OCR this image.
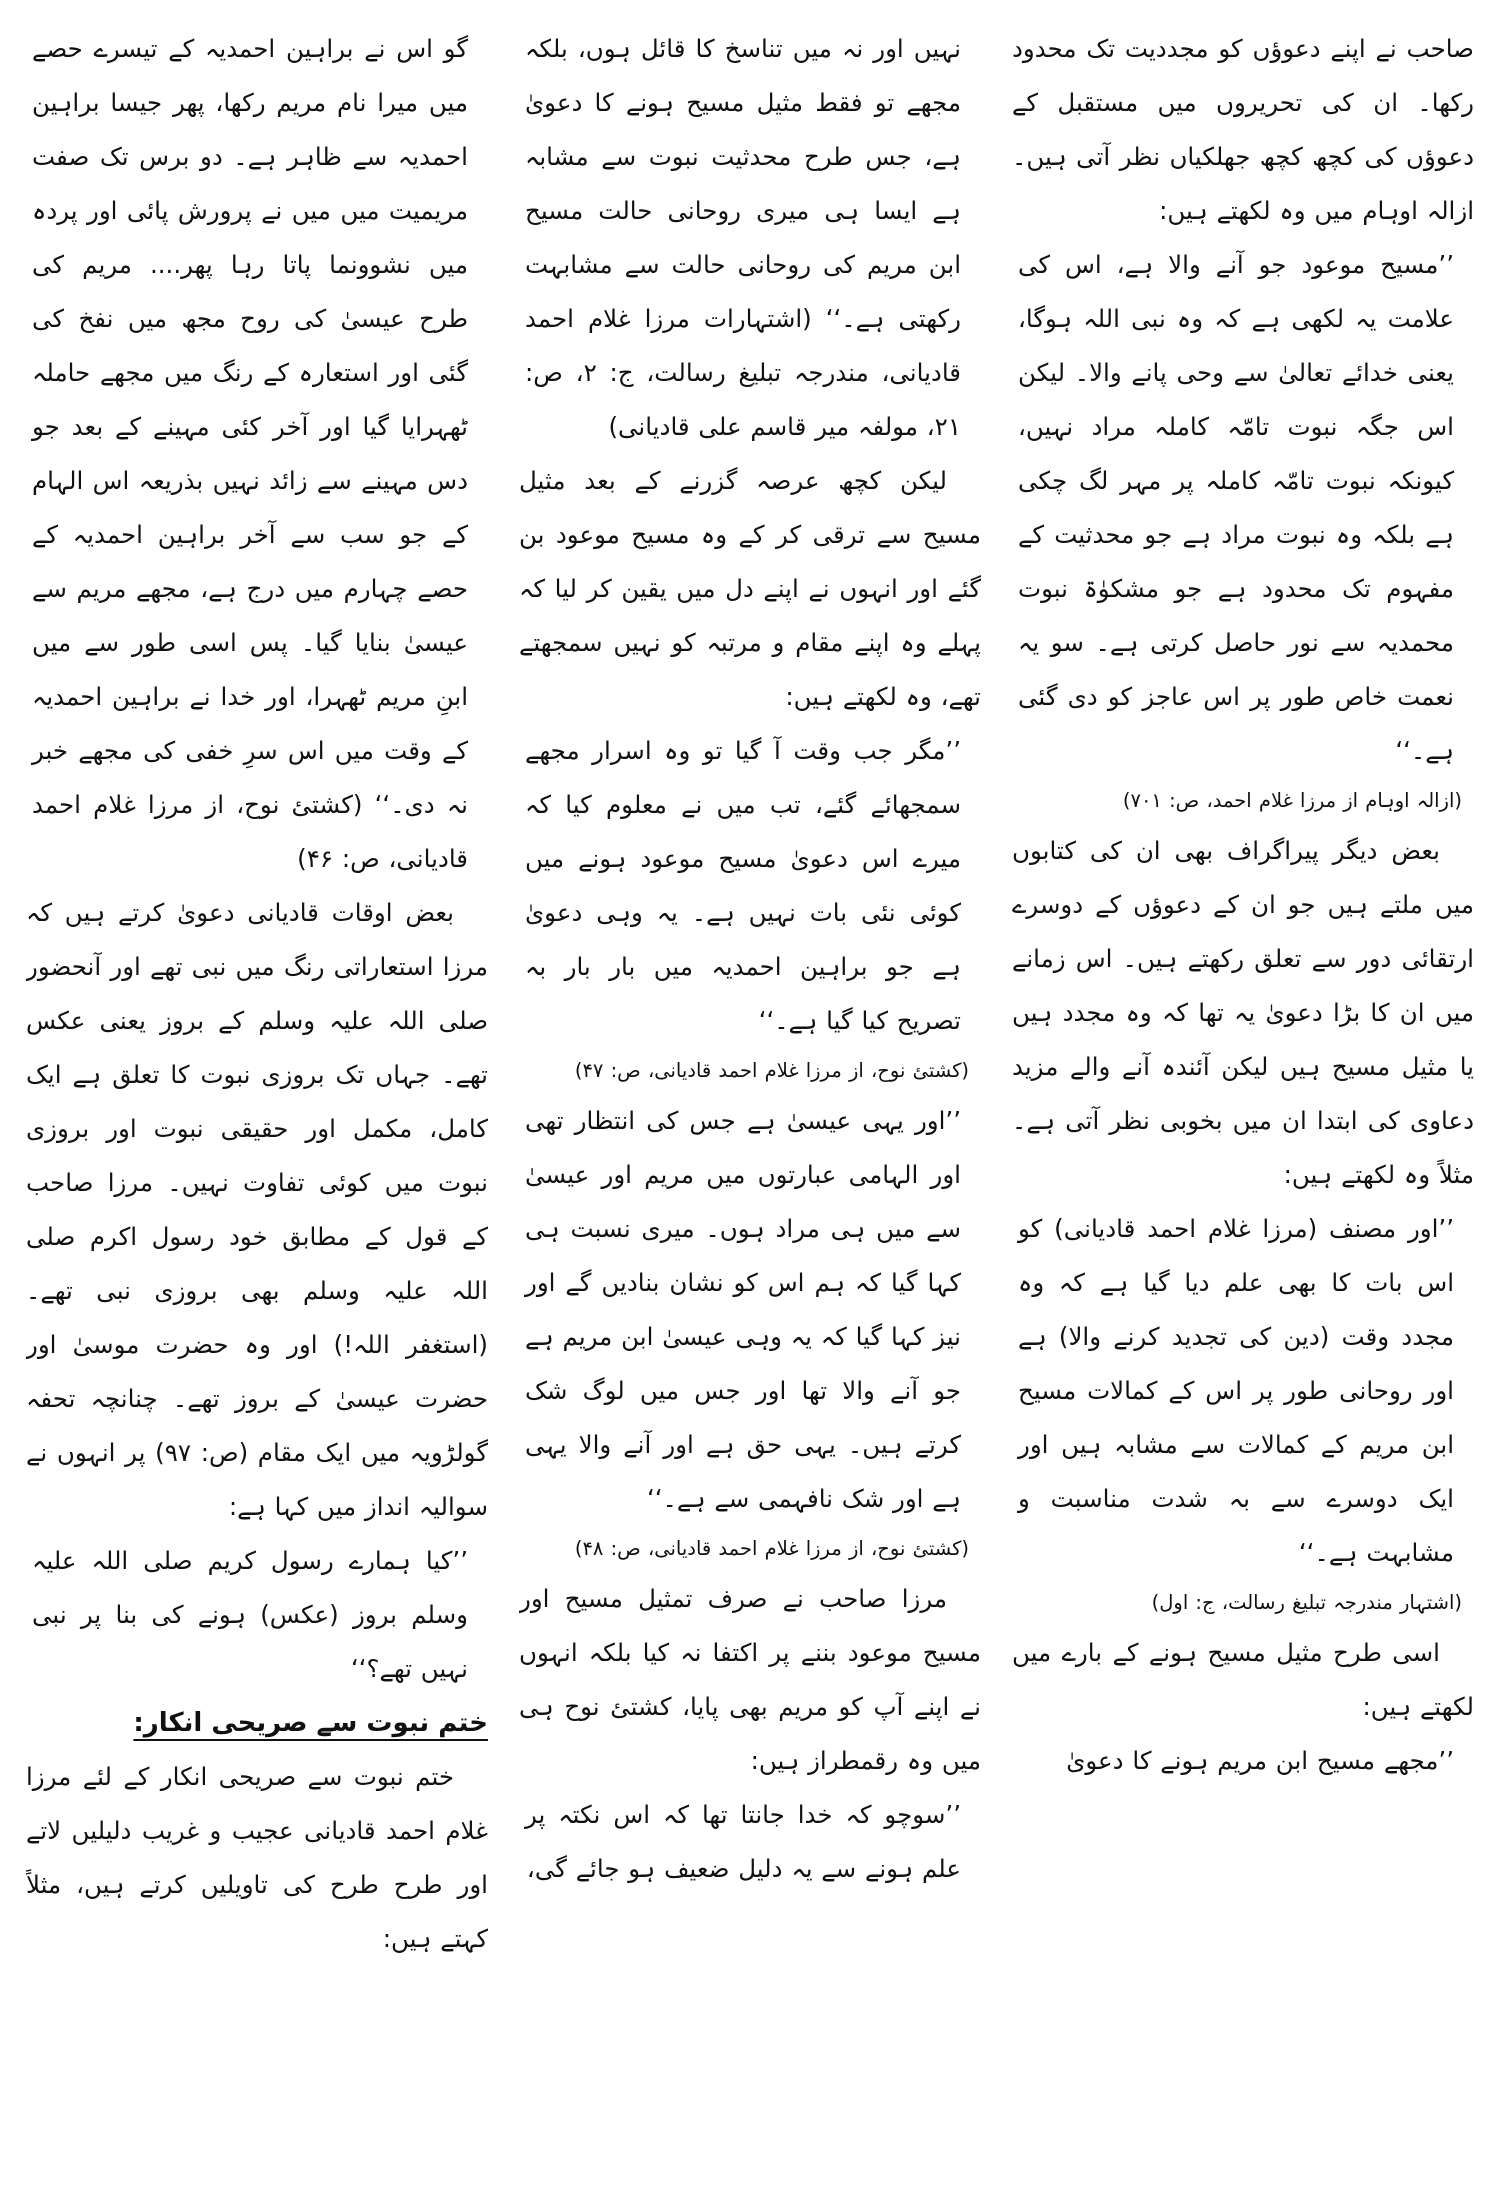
صاحب نے اپنے دعوؤں کو مجددیت تک محدود رکھا۔ ان کی تحریروں میں مستقبل کے دعوؤں کی کچھ کچھ جھلکیاں نظر آتی ہیں۔ ازالہ اوہام میں وہ لکھتے ہیں:

’’مسیح موعود جو آنے والا ہے، اس کی علامت یہ لکھی ہے کہ وہ نبی اللہ ہوگا، یعنی خدائے تعالیٰ سے وحی پانے والا۔ لیکن اس جگہ نبوت تامّہ کاملہ مراد نہیں، کیونکہ نبوت تامّہ کاملہ پر مہر لگ چکی ہے بلکہ وہ نبوت مراد ہے جو محدثیت کے مفہوم تک محدود ہے جو مشکوٰۃ نبوت محمدیہ سے نور حاصل کرتی ہے۔ سو یہ نعمت خاص طور پر اس عاجز کو دی گئی ہے۔‘‘

(ازالہ اوہام از مرزا غلام احمد، ص: ۷۰۱)

بعض دیگر پیراگراف بھی ان کی کتابوں میں ملتے ہیں جو ان کے دعوؤں کے دوسرے ارتقائی دور سے تعلق رکھتے ہیں۔ اس زمانے میں ان کا بڑا دعویٰ یہ تھا کہ وہ مجدد ہیں یا مثیل مسیح ہیں لیکن آئندہ آنے والے مزید دعاوی کی ابتدا ان میں بخوبی نظر آتی ہے۔ مثلاً وہ لکھتے ہیں:

’’اور مصنف (مرزا غلام احمد قادیانی) کو اس بات کا بھی علم دیا گیا ہے کہ وہ مجدد وقت (دین کی تجدید کرنے والا) ہے اور روحانی طور پر اس کے کمالات مسیح ابن مریم کے کمالات سے مشابہ ہیں اور ایک دوسرے سے بہ شدت مناسبت و مشابہت ہے۔‘‘

(اشتہار مندرجہ تبلیغ رسالت، ج: اول)

اسی طرح مثیل مسیح ہونے کے بارے میں لکھتے ہیں:

’’مجھے مسیح ابن مریم ہونے کا دعویٰ

نہیں اور نہ میں تناسخ کا قائل ہوں، بلکہ مجھے تو فقط مثیل مسیح ہونے کا دعویٰ ہے، جس طرح محدثیت نبوت سے مشابہ ہے ایسا ہی میری روحانی حالت مسیح ابن مریم کی روحانی حالت سے مشابہت رکھتی ہے۔‘‘ (اشتہارات مرزا غلام احمد قادیانی، مندرجہ تبلیغ رسالت، ج: ۲، ص: ۲۱، مولفہ میر قاسم علی قادیانی)

لیکن کچھ عرصہ گزرنے کے بعد مثیل مسیح سے ترقی کر کے وہ مسیح موعود بن گئے اور انہوں نے اپنے دل میں یقین کر لیا کہ پہلے وہ اپنے مقام و مرتبہ کو نہیں سمجھتے تھے، وہ لکھتے ہیں:

’’مگر جب وقت آ گیا تو وہ اسرار مجھے سمجھائے گئے، تب میں نے معلوم کیا کہ میرے اس دعویٰ مسیح موعود ہونے میں کوئی نئی بات نہیں ہے۔ یہ وہی دعویٰ ہے جو براہین احمدیہ میں بار بار بہ تصریح کیا گیا ہے۔‘‘

(کشتئ نوح، از مرزا غلام احمد قادیانی، ص: ۴۷)

’’اور یہی عیسیٰ ہے جس کی انتظار تھی اور الہامی عبارتوں میں مریم اور عیسیٰ سے میں ہی مراد ہوں۔ میری نسبت ہی کہا گیا کہ ہم اس کو نشان بنادیں گے اور نیز کہا گیا کہ یہ وہی عیسیٰ ابن مریم ہے جو آنے والا تھا اور جس میں لوگ شک کرتے ہیں۔ یہی حق ہے اور آنے والا یہی ہے اور شک نافہمی سے ہے۔‘‘

(کشتئ نوح، از مرزا غلام احمد قادیانی، ص: ۴۸)

مرزا صاحب نے صرف تمثیل مسیح اور مسیح موعود بننے پر اکتفا نہ کیا بلکہ انہوں نے اپنے آپ کو مریم بھی پایا، کشتئ نوح ہی میں وہ رقمطراز ہیں:

’’سوچو کہ خدا جانتا تھا کہ اس نکتہ پر علم ہونے سے یہ دلیل ضعیف ہو جائے گی،

گو اس نے براہین احمدیہ کے تیسرے حصے میں میرا نام مریم رکھا، پھر جیسا براہین احمدیہ سے ظاہر ہے۔ دو برس تک صفت مریمیت میں میں نے پرورش پائی اور پردہ میں نشوونما پاتا رہا پھر.... مریم کی طرح عیسیٰ کی روح مجھ میں نفخ کی گئی اور استعارہ کے رنگ میں مجھے حاملہ ٹھہرایا گیا اور آخر کئی مہینے کے بعد جو دس مہینے سے زائد نہیں بذریعہ اس الہام کے جو سب سے آخر براہین احمدیہ کے حصے چہارم میں درج ہے، مجھے مریم سے عیسیٰ بنایا گیا۔ پس اسی طور سے میں ابنِ مریم ٹھہرا، اور خدا نے براہین احمدیہ کے وقت میں اس سرِ خفی کی مجھے خبر نہ دی۔‘‘ (کشتئ نوح، از مرزا غلام احمد قادیانی، ص: ۴۶)

بعض اوقات قادیانی دعویٰ کرتے ہیں کہ مرزا استعاراتی رنگ میں نبی تھے اور آنحضور صلی اللہ علیہ وسلم کے بروز یعنی عکس تھے۔ جہاں تک بروزی نبوت کا تعلق ہے ایک کامل، مکمل اور حقیقی نبوت اور بروزی نبوت میں کوئی تفاوت نہیں۔ مرزا صاحب کے قول کے مطابق خود رسول اکرم صلی اللہ علیہ وسلم بھی بروزی نبی تھے۔ (استغفر اللہ!) اور وہ حضرت موسیٰ اور حضرت عیسیٰ کے بروز تھے۔ چنانچہ تحفہ گولڑویہ میں ایک مقام (ص: ۹۷) پر انہوں نے سوالیہ انداز میں کہا ہے:

’’کیا ہمارے رسول کریم صلی اللہ علیہ وسلم بروز (عکس) ہونے کی بنا پر نبی نہیں تھے؟‘‘

ختم نبوت سے صریحی انکار:

ختم نبوت سے صریحی انکار کے لئے مرزا غلام احمد قادیانی عجیب و غریب دلیلیں لاتے اور طرح طرح کی تاویلیں کرتے ہیں، مثلاً کہتے ہیں:
